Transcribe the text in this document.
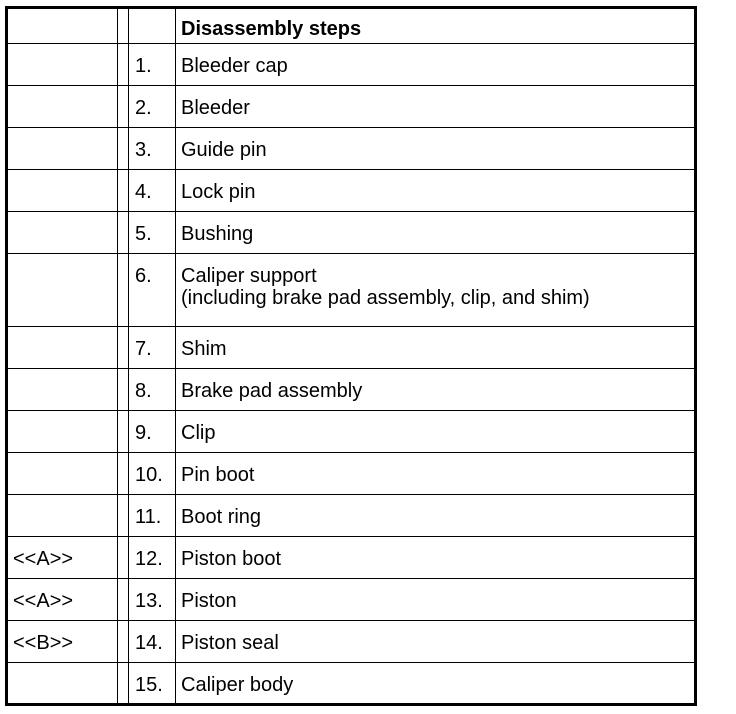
			Disassembly steps
		1.	Bleeder cap
		2.	Bleeder
		3.	Guide pin
		4.	Lock pin
		5.	Bushing
		6.	Caliper support
(including brake pad assembly, clip, and shim)

		7.	Shim
		8.	Brake pad assembly
		9.	Clip
		10.	Pin boot
		11.	Boot ring
<<A>>		12.	Piston boot
<<A>>		13.	Piston
<<B>>		14.	Piston seal
		15.	Caliper body
